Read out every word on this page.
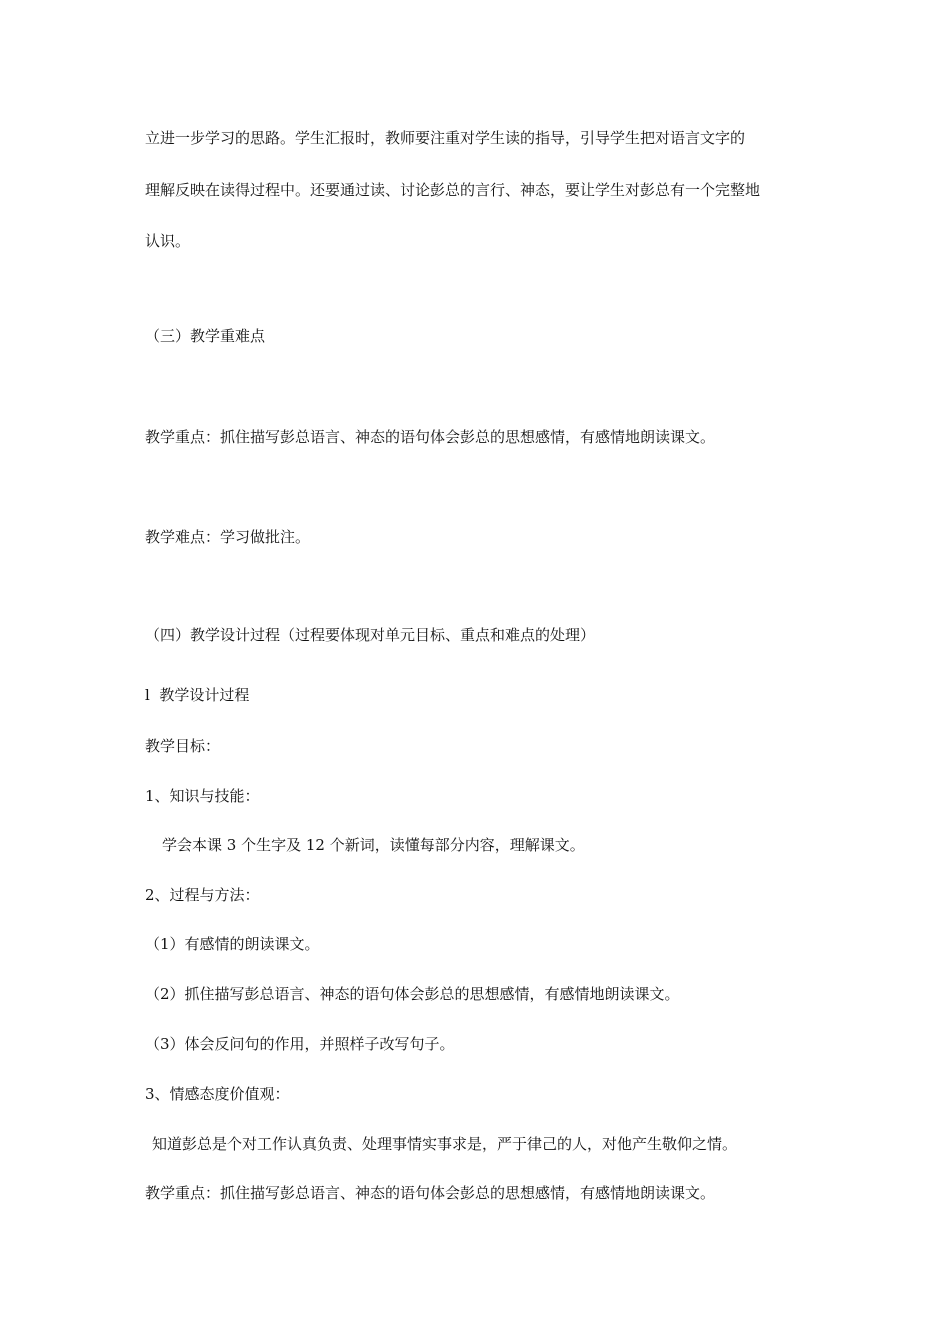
立进一步学习的思路。学生汇报时，教师要注重对学生读的指导，引导学生把对语言文字的

理解反映在读得过程中。还要通过读、讨论彭总的言行、神态，要让学生对彭总有一个完整地

认识。

（三）教学重难点

教学重点：抓住描写彭总语言、神态的语句体会彭总的思想感情，有感情地朗读课文。

教学难点：学习做批注。

（四）教学设计过程（过程要体现对单元目标、重点和难点的处理）

l  教学设计过程

教学目标：

1、知识与技能：

学会本课 3 个生字及 12 个新词，读懂每部分内容，理解课文。

2、过程与方法：

（1）有感情的朗读课文。

（2）抓住描写彭总语言、神态的语句体会彭总的思想感情，有感情地朗读课文。

（3）体会反问句的作用，并照样子改写句子。

3、情感态度价值观：

知道彭总是个对工作认真负责、处理事情实事求是，严于律己的人，对他产生敬仰之情。

教学重点：抓住描写彭总语言、神态的语句体会彭总的思想感情，有感情地朗读课文。
